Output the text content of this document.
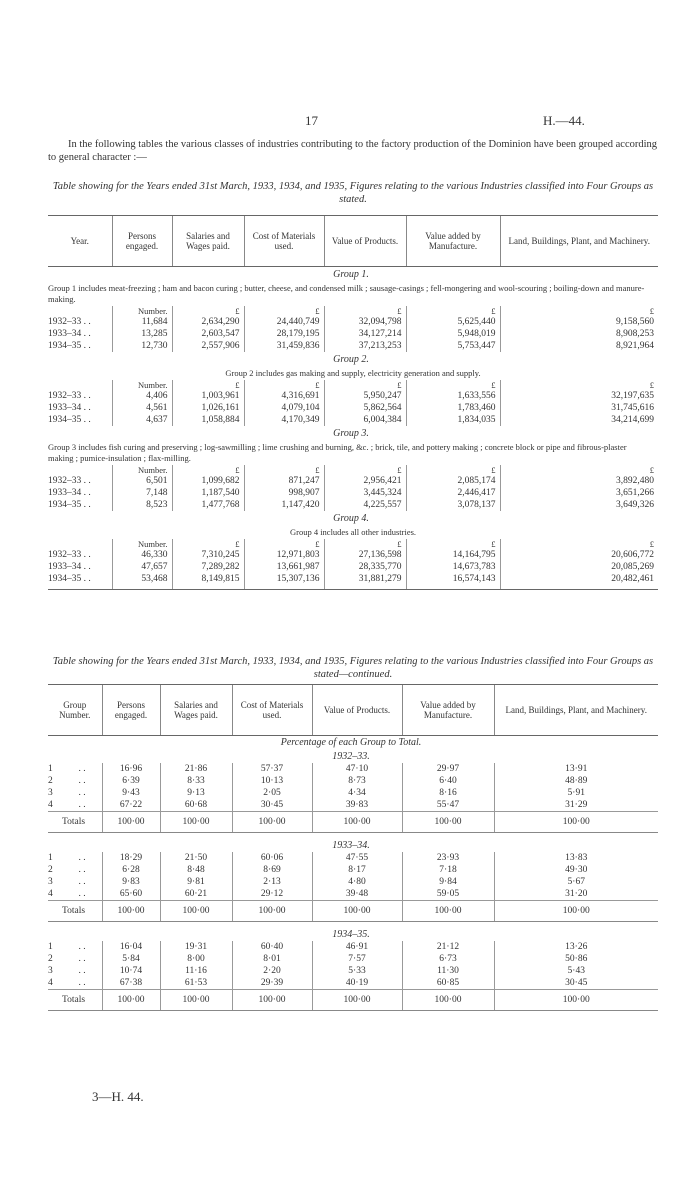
17	H.—44.
In the following tables the various classes of industries contributing to the factory production of the Dominion have been grouped according to general character :—
Table showing for the Years ended 31st March, 1933, 1934, and 1935, Figures relating to the various Industries classified into Four Groups as stated.
Year.	Persons engaged.	Salaries and Wages paid.	Cost of Materials used.	Value of Products.	Value added by Manufacture.	Land, Buildings, Plant, and Machinery.
Group 1.						
Group 1 includes meat-freezing ; ham and bacon curing ; butter, cheese, and condensed milk ; sausage-casings ; fell-mongering and wool-scouring ; boiling-down and manure-making.						
	Number.	£	£	£	£	£
1932–33 . .	11,684	2,634,290	24,440,749	32,094,798	5,625,440	9,158,560
1933–34 . .	13,285	2,603,547	28,179,195	34,127,214	5,948,019	8,908,253
1934–35 . .	12,730	2,557,906	31,459,836	37,213,253	5,753,447	8,921,964
Group 2.						
Group 2 includes gas making and supply, electricity generation and supply.						
	Number.	£	£	£	£	£
1932–33 . .	4,406	1,003,961	4,316,691	5,950,247	1,633,556	32,197,635
1933–34 . .	4,561	1,026,161	4,079,104	5,862,564	1,783,460	31,745,616
1934–35 . .	4,637	1,058,884	4,170,349	6,004,384	1,834,035	34,214,699
Group 3.						
Group 3 includes fish curing and preserving ; log-sawmilling ; lime crushing and burning, &c. ; brick, tile, and pottery making ; concrete block or pipe and fibrous-plaster making ; pumice-insulation ; flax-milling.						
	Number.	£	£	£	£	£
1932–33 . .	6,501	1,099,682	871,247	2,956,421	2,085,174	3,892,480
1933–34 . .	7,148	1,187,540	998,907	3,445,324	2,446,417	3,651,266
1934–35 . .	8,523	1,477,768	1,147,420	4,225,557	3,078,137	3,649,326
Group 4.						
Group 4 includes all other industries.						
	Number.	£	£	£	£	£
1932–33 . .	46,330	7,310,245	12,971,803	27,136,598	14,164,795	20,606,772
1933–34 . .	47,657	7,289,282	13,661,987	28,335,770	14,673,783	20,085,269
1934–35 . .	53,468	8,149,815	15,307,136	31,881,279	16,574,143	20,482,461

Table showing for the Years ended 31st March, 1933, 1934, and 1935, Figures relating to the various Industries classified into Four Groups as stated—continued.
Group Number.	Persons engaged.	Salaries and Wages paid.	Cost of Materials used.	Value of Products.	Value added by Manufacture.	Land, Buildings, Plant, and Machinery.
Percentage of each Group to Total.						
1932–33.						
1 . .	16·96	21·86	57·37	47·10	29·97	13·91
2 . .	6·39	8·33	10·13	8·73	6·40	48·89
3 . .	9·43	9·13	2·05	4·34	8·16	5·91
4 . .	67·22	60·68	30·45	39·83	55·47	31·29
Totals	100·00	100·00	100·00	100·00	100·00	100·00

1933–34.						
1 . .	18·29	21·50	60·06	47·55	23·93	13·83
2 . .	6·28	8·48	8·69	8·17	7·18	49·30
3 . .	9·83	9·81	2·13	4·80	9·84	5·67
4 . .	65·60	60·21	29·12	39·48	59·05	31·20
Totals	100·00	100·00	100·00	100·00	100·00	100·00

1934–35.						
1 . .	16·04	19·31	60·40	46·91	21·12	13·26
2 . .	5·84	8·00	8·01	7·57	6·73	50·86
3 . .	10·74	11·16	2·20	5·33	11·30	5·43
4 . .	67·38	61·53	29·39	40·19	60·85	30·45
Totals	100·00	100·00	100·00	100·00	100·00	100·00
3—H. 44.
